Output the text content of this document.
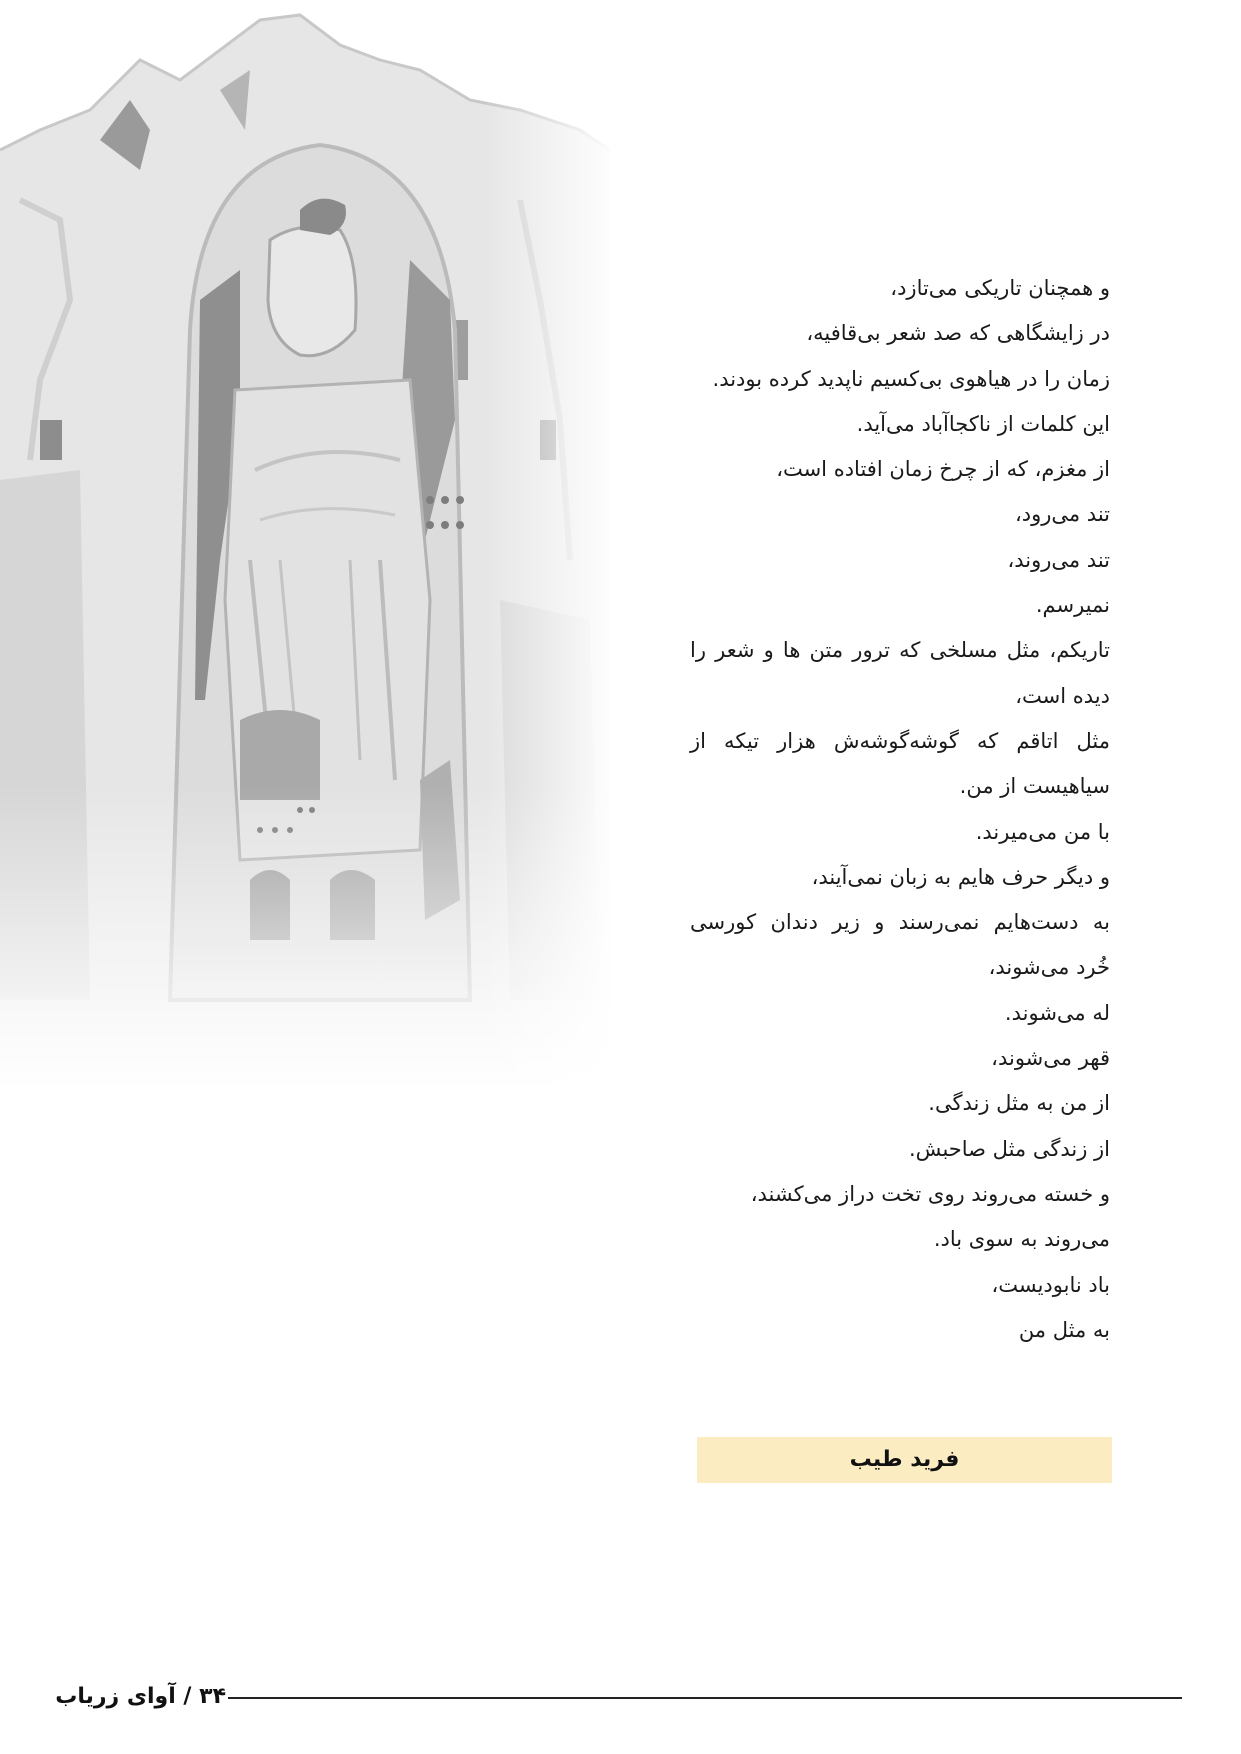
و همچنان تاریکی می‌تازد،
در زایشگاهی که صد شعر بی‌قافیه،
زمان را در هیاهوی بی‌کسیم ناپدید کرده بودند.
این کلمات از ناکجاآباد می‌آید.
از مغزم، که از چرخ زمان افتاده است،
تند می‌رود،
تند می‌روند،
نمیرسم.
تاریکم، مثل مسلخی که ترور متن ها و شعر را
دیده است،
مثل اتاقم که گوشه‌گوشه‌ش هزار تیکه از
سیاهیست از من.
با من می‌میرند.
و دیگر حرف هایم به زبان نمی‌آیند،
به دست‌هایم نمی‌رسند و زیر دندان کورسی
خُرد می‌شوند،
له می‌شوند.
قهر می‌شوند،
از من به مثل زندگی.
از زندگی مثل صاحبش.
و خسته می‌روند روی تخت دراز می‌کشند،
می‌روند به سوی باد.
باد نابودیست،
به مثل من
فرید طیب
۳۴ / آوای زریاب
